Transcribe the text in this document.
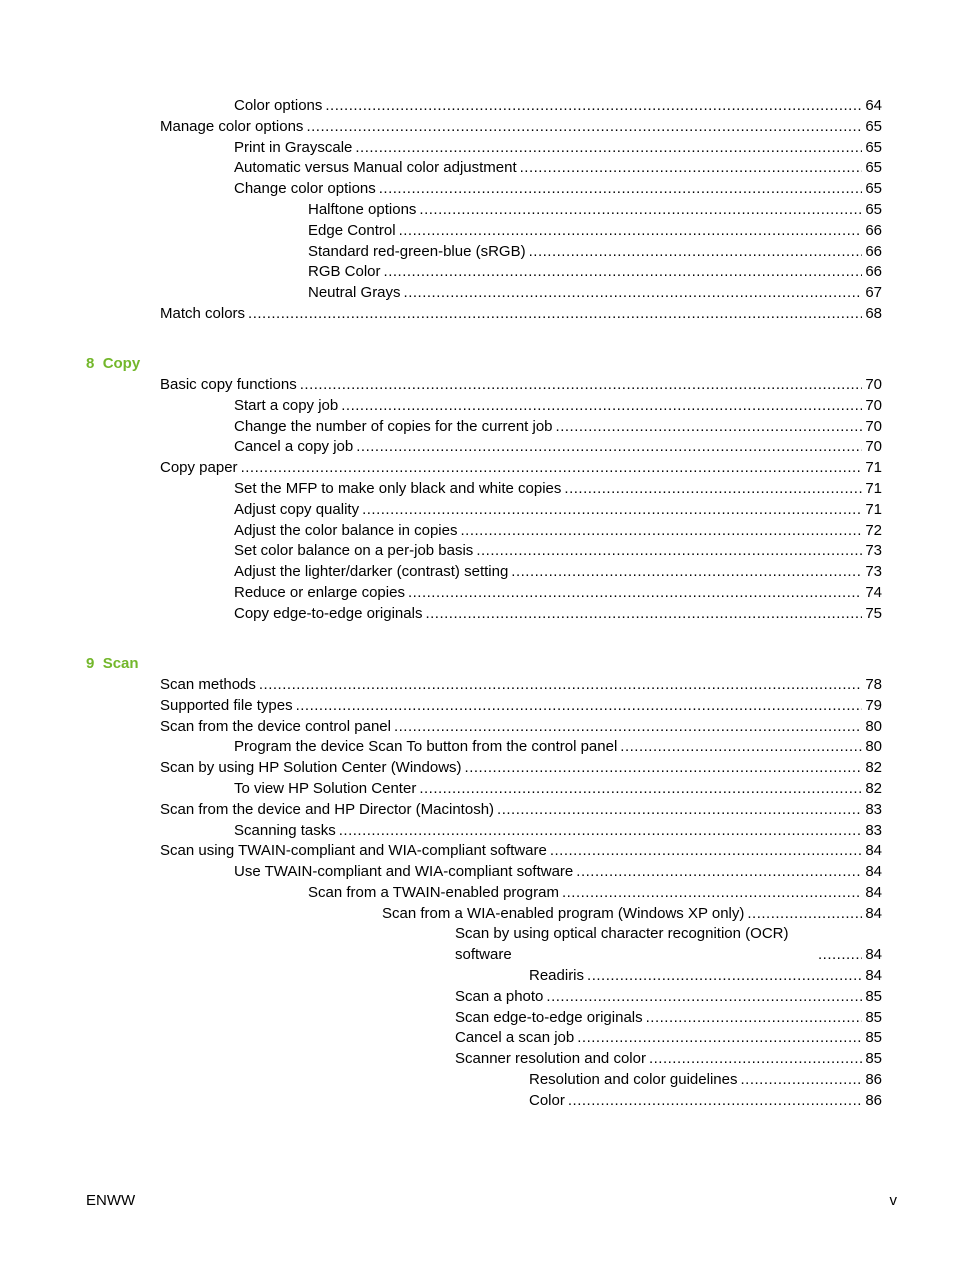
Color options .....	64
Manage color options .....	65
Print in Grayscale .....	65
Automatic versus Manual color adjustment .....	65
Change color options .....	65
Halftone options .....	65
Edge Control .....	66
Standard red-green-blue (sRGB) .....	66
RGB Color .....	66
Neutral Grays .....	67
Match colors .....	68
8 Copy
Basic copy functions .....	70
Start a copy job .....	70
Change the number of copies for the current job .....	70
Cancel a copy job .....	70
Copy paper .....	71
Set the MFP to make only black and white copies .....	71
Adjust copy quality .....	71
Adjust the color balance in copies .....	72
Set color balance on a per-job basis .....	73
Adjust the lighter/darker (contrast) setting .....	73
Reduce or enlarge copies .....	74
Copy edge-to-edge originals .....	75
9 Scan
Scan methods .....	78
Supported file types .....	79
Scan from the device control panel .....	80
Program the device Scan To button from the control panel .....	80
Scan by using HP Solution Center (Windows) .....	82
To view HP Solution Center .....	82
Scan from the device and HP Director (Macintosh) .....	83
Scanning tasks .....	83
Scan using TWAIN-compliant and WIA-compliant software .....	84
Use TWAIN-compliant and WIA-compliant software .....	84
Scan from a TWAIN-enabled program .....	84
Scan from a WIA-enabled program (Windows XP only) .....	84
Scan by using optical character recognition (OCR) software .....	84
Readiris .....	84
Scan a photo .....	85
Scan edge-to-edge originals .....	85
Cancel a scan job .....	85
Scanner resolution and color .....	85
Resolution and color guidelines .....	86
Color .....	86
ENWW	v
